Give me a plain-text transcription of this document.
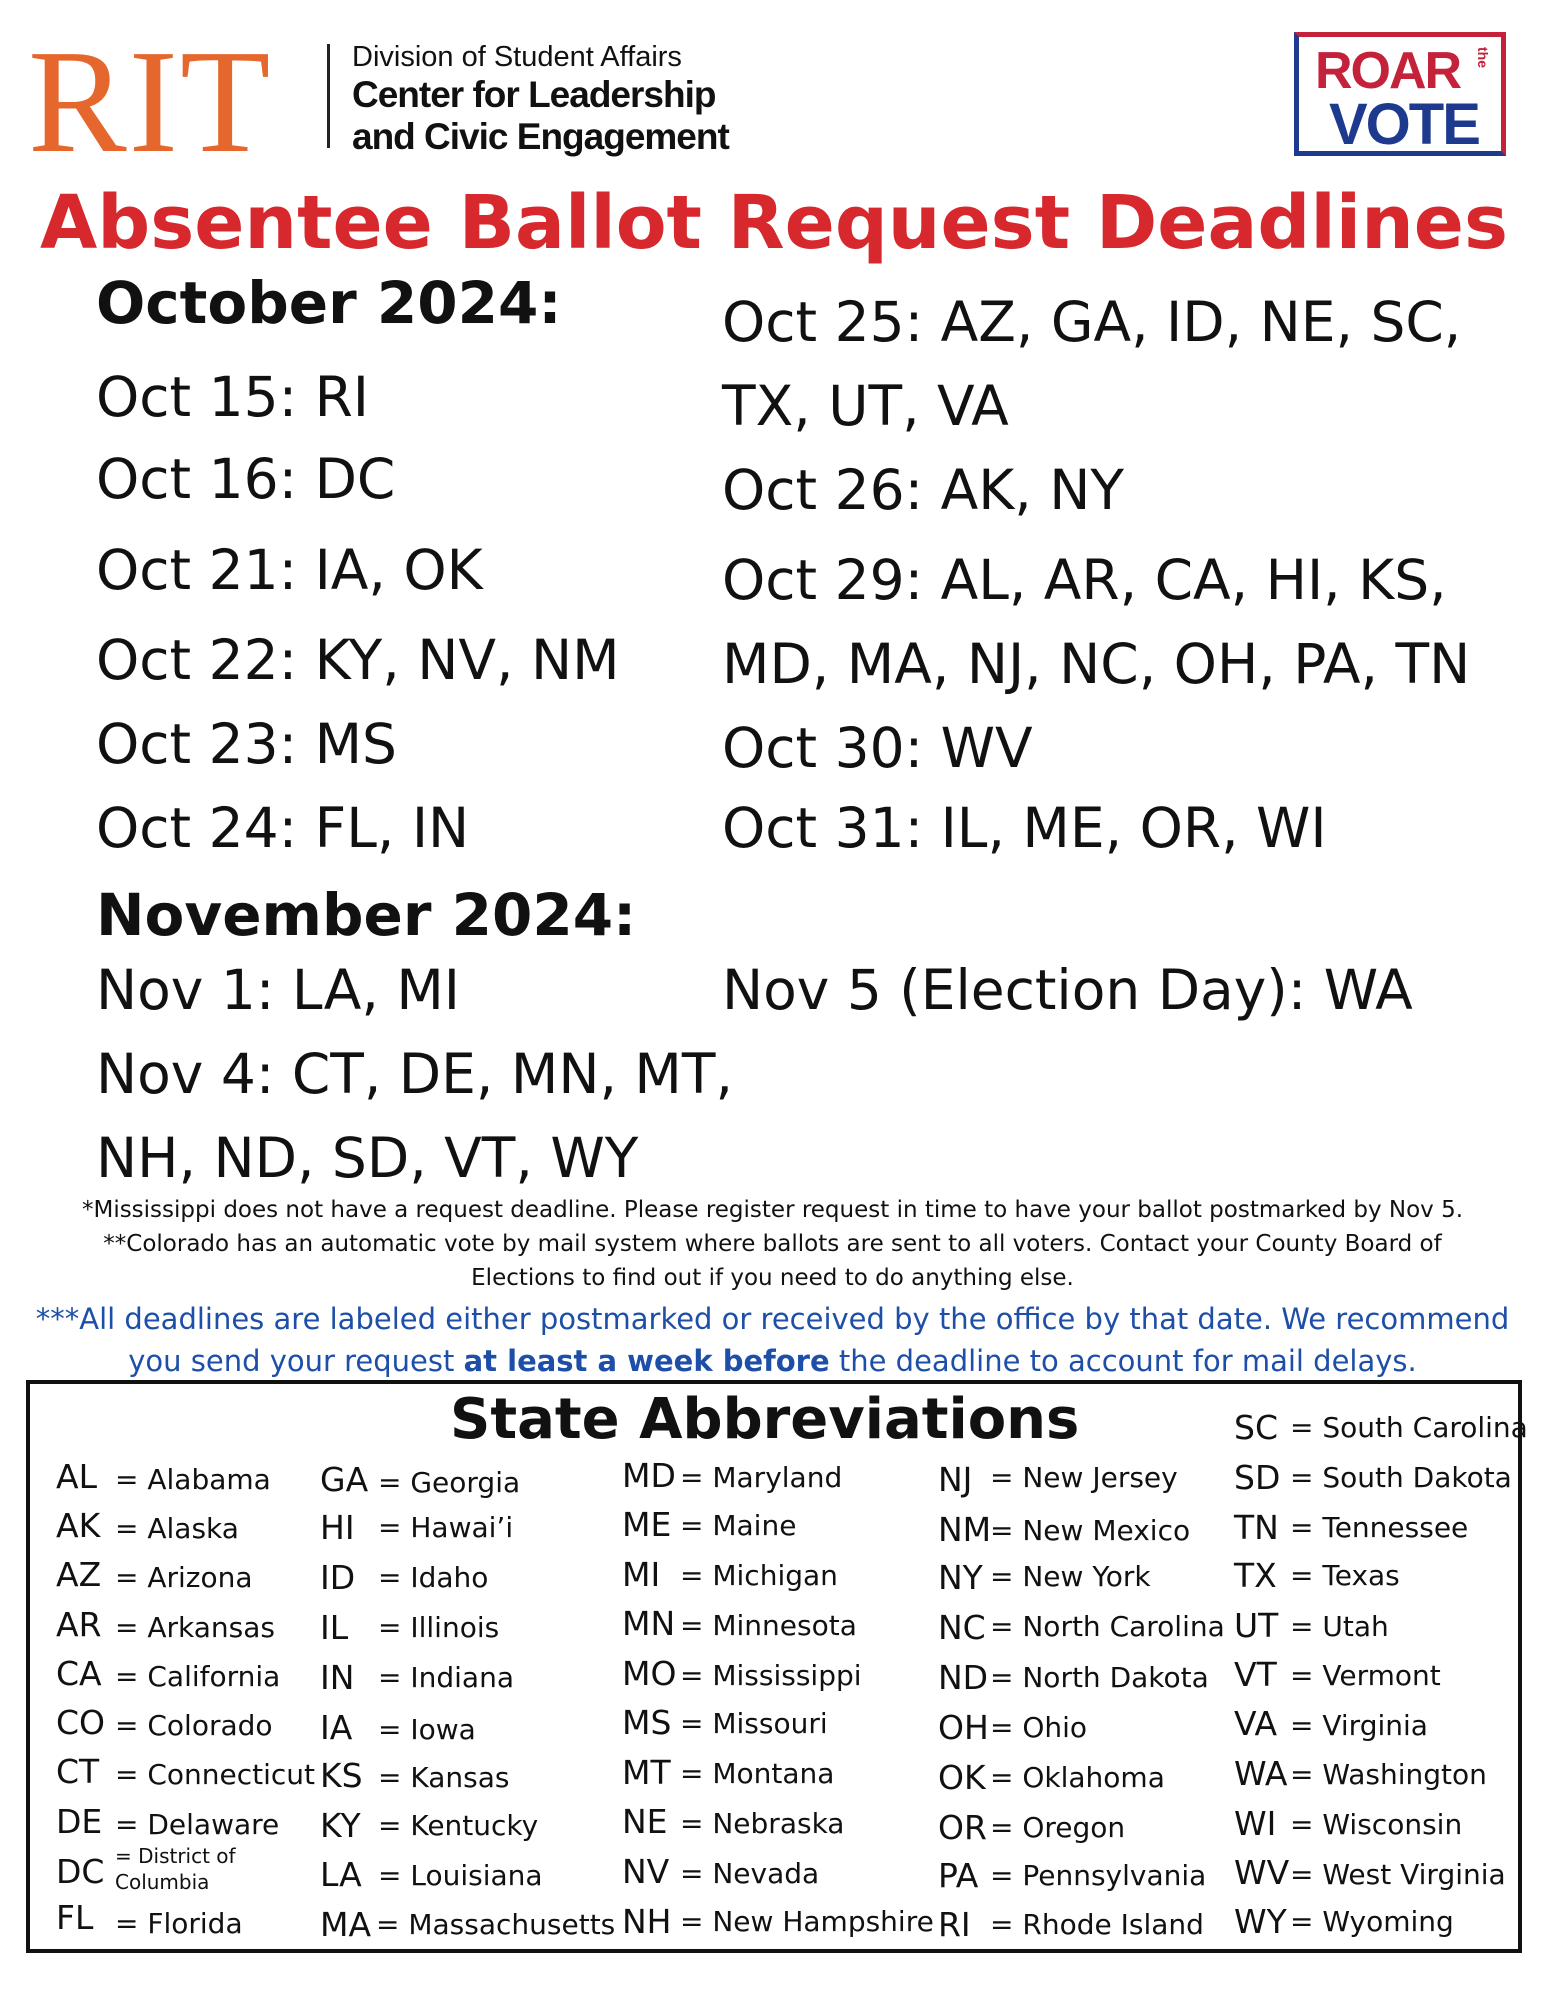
RIT	Division of Student Affairs
Center for Leadership
and Civic Engagement
ROAR the
VOTE
Absentee Ballot Request Deadlines
October 2024:
Oct 15: RI
Oct 16: DC
Oct 21: IA, OK
Oct 22: KY, NV, NM
Oct 23: MS
Oct 24: FL, IN
Oct 25: AZ, GA, ID, NE, SC,
TX, UT, VA
Oct 26: AK, NY
Oct 29: AL, AR, CA, HI, KS,
MD, MA, NJ, NC, OH, PA, TN
Oct 30: WV
Oct 31: IL, ME, OR, WI
November 2024:
Nov 1: LA, MI
Nov 4: CT, DE, MN, MT,
NH, ND, SD, VT, WY
Nov 5 (Election Day): WA
*Mississippi does not have a request deadline. Please register request in time to have your ballot postmarked by Nov 5.
**Colorado has an automatic vote by mail system where ballots are sent to all voters. Contact your County Board of
Elections to find out if you need to do anything else.
***All deadlines are labeled either postmarked or received by the office by that date. We recommend
you send your request at least a week before the deadline to account for mail delays.
State Abbreviations
AL = Alabama
AK = Alaska
AZ = Arizona
AR = Arkansas
CA = California
CO = Colorado
CT = Connecticut
DE = Delaware
DC = District of Columbia
FL = Florida
GA = Georgia
HI = Hawai’i
ID = Idaho
IL = Illinois
IN = Indiana
IA = Iowa
KS = Kansas
KY = Kentucky
LA = Louisiana
MA = Massachusetts
MD = Maryland
ME = Maine
MI = Michigan
MN = Minnesota
MO = Mississippi
MS = Missouri
MT = Montana
NE = Nebraska
NV = Nevada
NH = New Hampshire
NJ = New Jersey
NM
= New Mexico
NY = New York
NC = North Carolina
ND = North Dakota
OH = Ohio
OK = Oklahoma
OR = Oregon
PA = Pennsylvania
RI = Rhode Island
SC = South Carolina
SD = South Dakota
TN = Tennessee
TX = Texas
UT = Utah
VT = Vermont
VA = Virginia
WA = Washington
WI = Wisconsin
WV = West Virginia
WY = Wyoming
